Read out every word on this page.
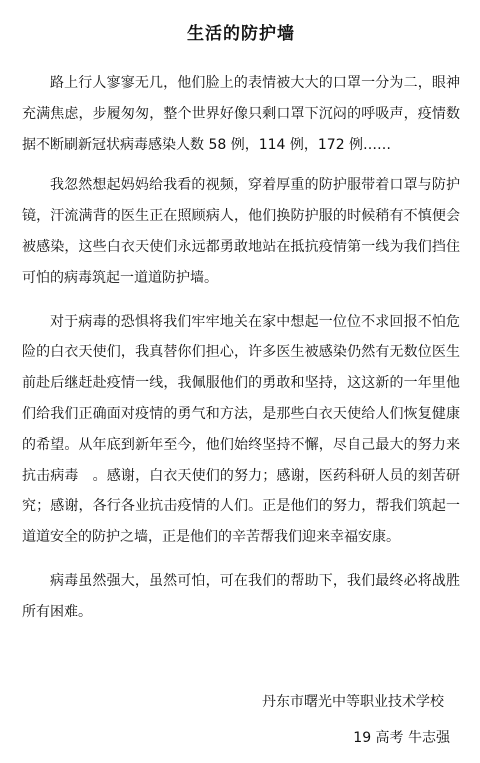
生活的防护墙

路上行人寥寥无几，他们脸上的表情被大大的口罩一分为二，眼神充满焦虑，步履匆匆，整个世界好像只剩口罩下沉闷的呼吸声，疫情数据不断刷新冠状病毒感染人数 58 例，114 例，172 例……

我忽然想起妈妈给我看的视频，穿着厚重的防护服带着口罩与防护镜，汗流满背的医生正在照顾病人，他们换防护服的时候稍有不慎便会被感染，这些白衣天使们永远都勇敢地站在抵抗疫情第一线为我们挡住可怕的病毒筑起一道道防护墙。

对于病毒的恐惧将我们牢牢地关在家中想起一位位不求回报不怕危险的白衣天使们，我真替你们担心，许多医生被感染仍然有无数位医生前赴后继赶赴疫情一线，我佩服他们的勇敢和坚持，这这新的一年里他们给我们正确面对疫情的勇气和方法，是那些白衣天使给人们恢复健康的希望。从年底到新年至今，他们始终坚持不懈，尽自己最大的努力来抗击病毒　。感谢，白衣天使们的努力；感谢，医药科研人员的刻苦研究；感谢，各行各业抗击疫情的人们。正是他们的努力，帮我们筑起一道道安全的防护之墙，正是他们的辛苦帮我们迎来幸福安康。

病毒虽然强大，虽然可怕，可在我们的帮助下，我们最终必将战胜所有困难。

丹东市曙光中等职业技术学校
19 高考 牛志强
